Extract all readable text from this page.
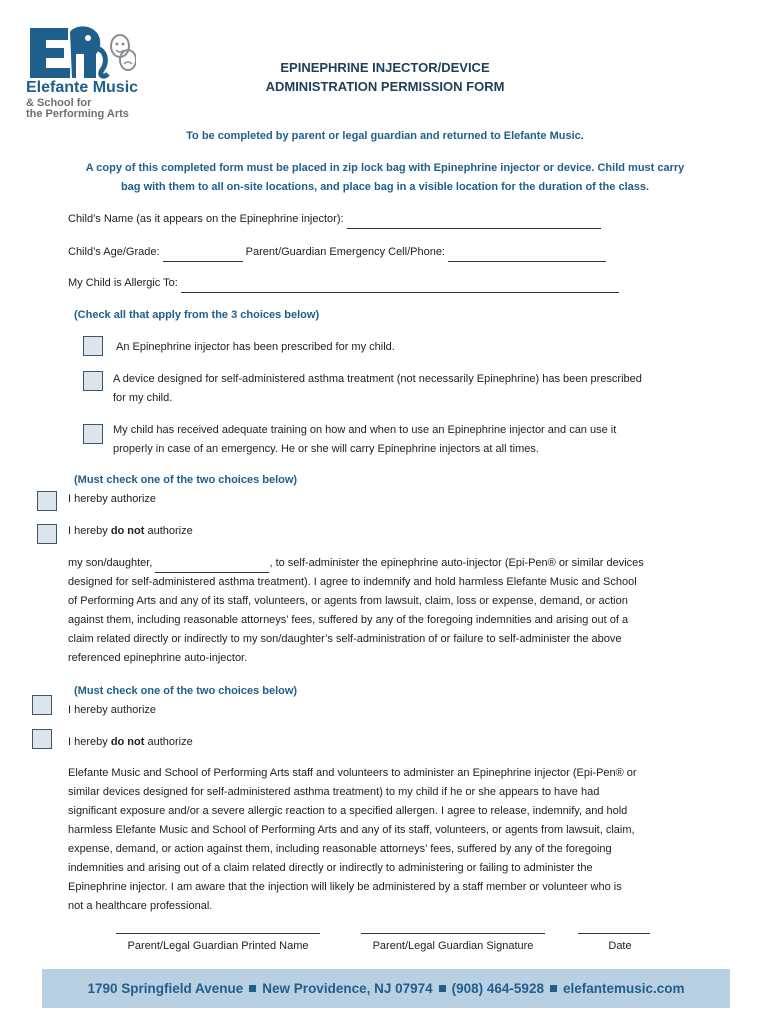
Elefante Music
& School for
the Performing Arts
EPINEPHRINE INJECTOR/DEVICE
ADMINISTRATION PERMISSION FORM
To be completed by parent or legal guardian and returned to Elefante Music.
A copy of this completed form must be placed in zip lock bag with Epinephrine injector or device. Child must carry
bag with them to all on-site locations, and place bag in a visible location for the duration of the class.
Child’s Name (as it appears on the Epinephrine injector):
Child’s Age/Grade:	Parent/Guardian Emergency Cell/Phone:
My Child is Allergic To:
(Check all that apply from the 3 choices below)
An Epinephrine injector has been prescribed for my child.
A device designed for self-administered asthma treatment (not necessarily Epinephrine) has been prescribed
for my child.
My child has received adequate training on how and when to use an Epinephrine injector and can use it
properly in case of an emergency. He or she will carry Epinephrine injectors at all times.
(Must check one of the two choices below)
I hereby authorize
I hereby do not authorize
my son/daughter,	, to self-administer the epinephrine auto-injector (Epi-Pen® or similar devices
designed for self-administered asthma treatment). I agree to indemnify and hold harmless Elefante Music and School
of Performing Arts and any of its staff, volunteers, or agents from lawsuit, claim, loss or expense, demand, or action
against them, including reasonable attorneys’ fees, suffered by any of the foregoing indemnities and arising out of a
claim related directly or indirectly to my son/daughter’s self-administration of or failure to self-administer the above
referenced epinephrine auto-injector.
(Must check one of the two choices below)
I hereby authorize
I hereby do not authorize
Elefante Music and School of Performing Arts staff and volunteers to administer an Epinephrine injector (Epi-Pen® or
similar devices designed for self-administered asthma treatment) to my child if he or she appears to have had
significant exposure and/or a severe allergic reaction to a specified allergen. I agree to release, indemnify, and hold
harmless Elefante Music and School of Performing Arts and any of its staff, volunteers, or agents from lawsuit, claim,
expense, demand, or action against them, including reasonable attorneys’ fees, suffered by any of the foregoing
indemnities and arising out of a claim related directly or indirectly to administering or failing to administer the
Epinephrine injector. I am aware that the injection will likely be administered by a staff member or volunteer who is
not a healthcare professional.
Parent/Legal Guardian Printed Name	Parent/Legal Guardian Signature	Date
1790 Springfield Avenue New Providence, NJ 07974 (908) 464-5928 elefantemusic.com
